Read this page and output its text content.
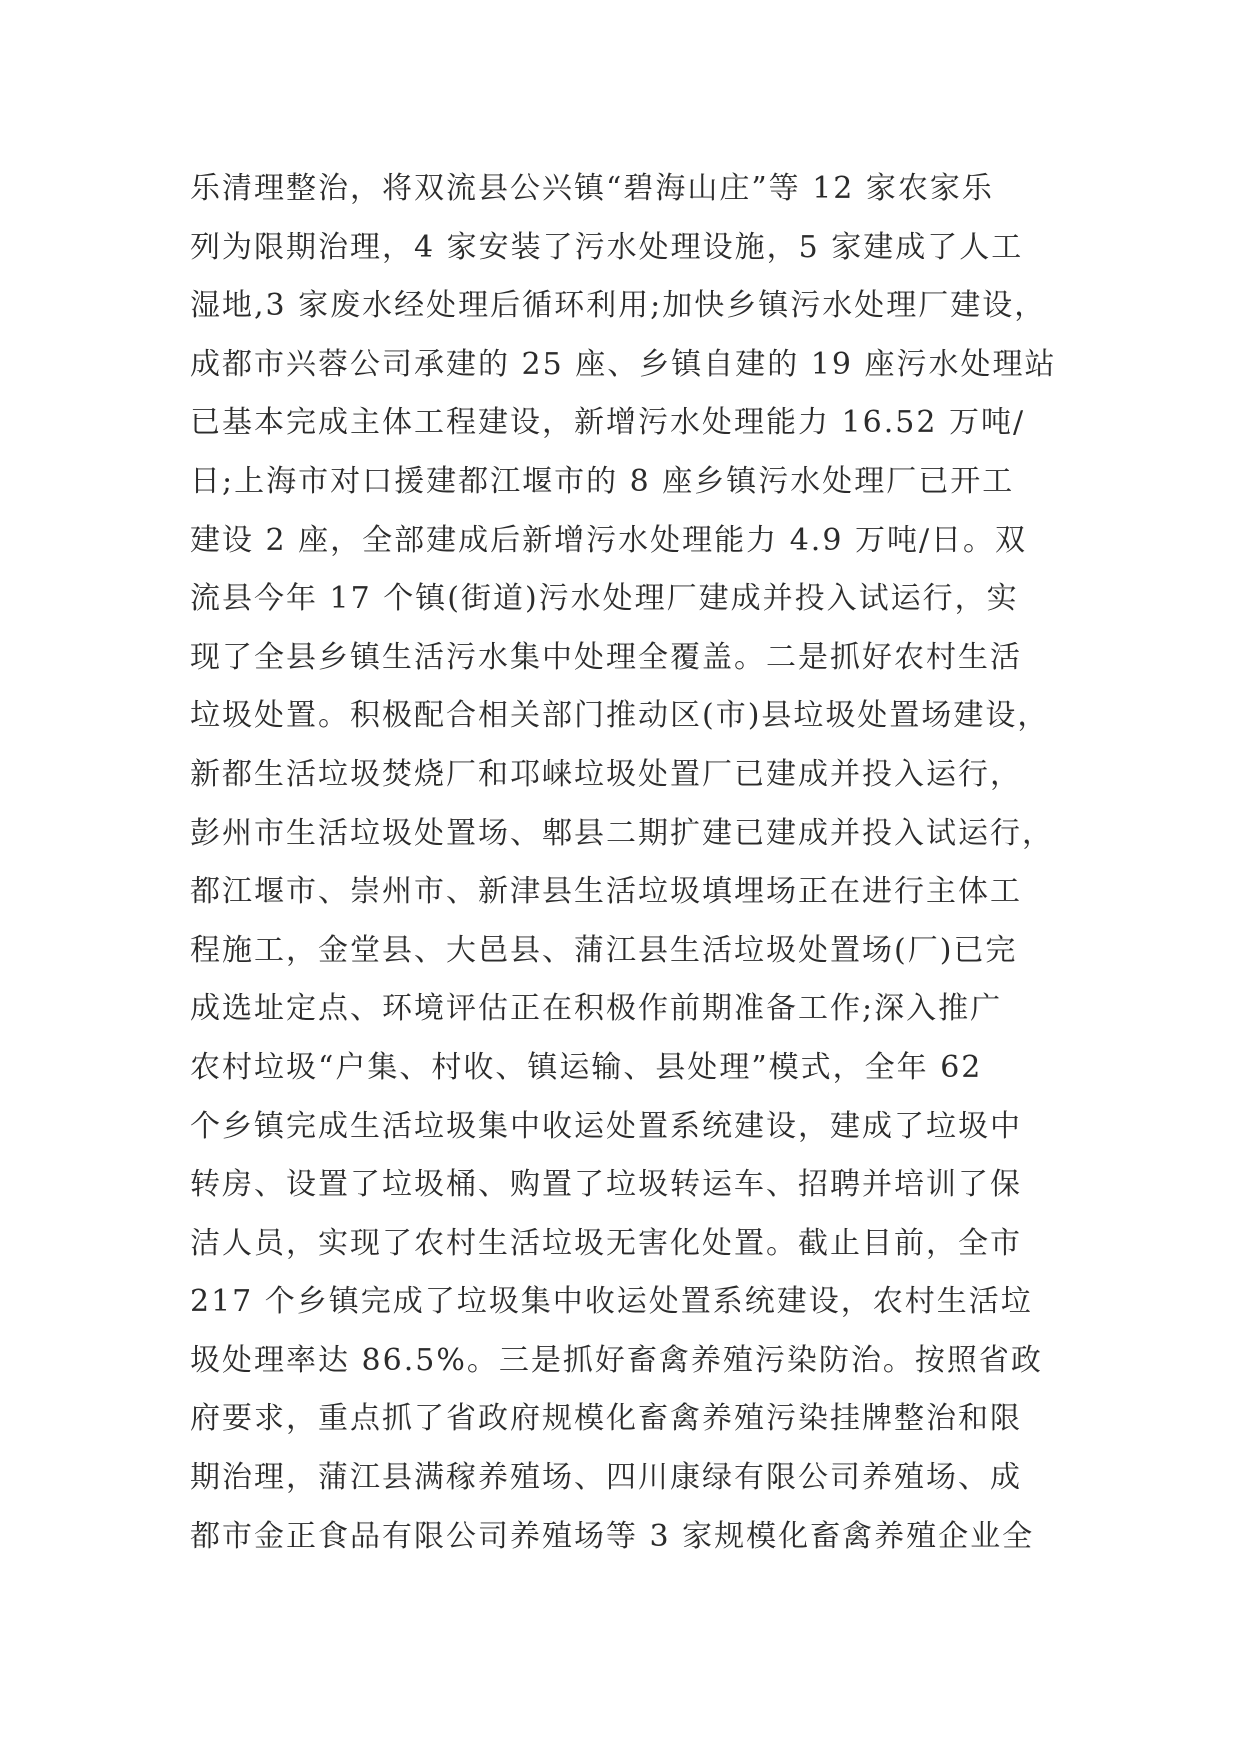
乐清理整治，将双流县公兴镇“碧海山庄”等 12 家农家乐
列为限期治理，4 家安装了污水处理设施，5 家建成了人工
湿地,3 家废水经处理后循环利用;加快乡镇污水处理厂建设，
成都市兴蓉公司承建的 25 座、乡镇自建的 19 座污水处理站
已基本完成主体工程建设，新增污水处理能力 16.52 万吨/
日;上海市对口援建都江堰市的 8 座乡镇污水处理厂已开工
建设 2 座，全部建成后新增污水处理能力 4.9 万吨/日。双
流县今年 17 个镇(街道)污水处理厂建成并投入试运行，实
现了全县乡镇生活污水集中处理全覆盖。二是抓好农村生活
垃圾处置。积极配合相关部门推动区(市)县垃圾处置场建设，
新都生活垃圾焚烧厂和邛崃垃圾处置厂已建成并投入运行，
彭州市生活垃圾处置场、郫县二期扩建已建成并投入试运行，
都江堰市、崇州市、新津县生活垃圾填埋场正在进行主体工
程施工，金堂县、大邑县、蒲江县生活垃圾处置场(厂)已完
成选址定点、环境评估正在积极作前期准备工作;深入推广
农村垃圾“户集、村收、镇运输、县处理”模式，全年 62
个乡镇完成生活垃圾集中收运处置系统建设，建成了垃圾中
转房、设置了垃圾桶、购置了垃圾转运车、招聘并培训了保
洁人员，实现了农村生活垃圾无害化处置。截止目前，全市
217 个乡镇完成了垃圾集中收运处置系统建设，农村生活垃
圾处理率达 86.5%。三是抓好畜禽养殖污染防治。按照省政
府要求，重点抓了省政府规模化畜禽养殖污染挂牌整治和限
期治理，蒲江县满稼养殖场、四川康绿有限公司养殖场、成
都市金正食品有限公司养殖场等 3 家规模化畜禽养殖企业全
